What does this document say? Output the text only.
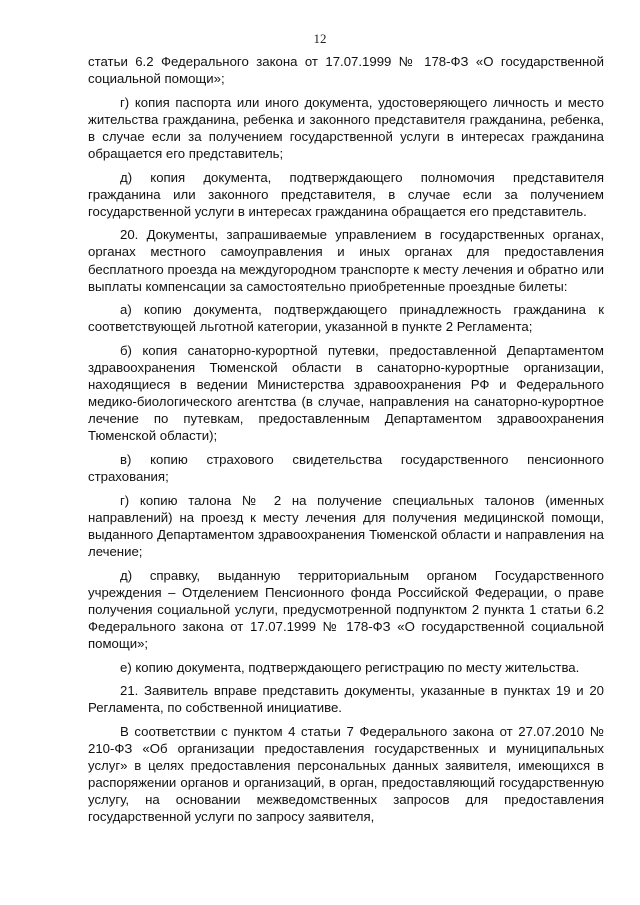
12

статьи 6.2 Федерального закона от 17.07.1999 № 178-ФЗ «О государственной социальной помощи»;

г) копия паспорта или иного документа, удостоверяющего личность и место жительства гражданина, ребенка и законного представителя гражданина, ребенка, в случае если за получением государственной услуги в интересах гражданина обращается его представитель;

д) копия документа, подтверждающего полномочия представителя гражданина или законного представителя, в случае если за получением государственной услуги в интересах гражданина обращается его представитель.

20. Документы, запрашиваемые управлением в государственных органах, органах местного самоуправления и иных органах для предоставления бесплатного проезда на междугородном транспорте к месту лечения и обратно или выплаты компенсации за самостоятельно приобретенные проездные билеты:

а) копию документа, подтверждающего принадлежность гражданина к соответствующей льготной категории, указанной в пункте 2 Регламента;

б) копия санаторно-курортной путевки, предоставленной Департаментом здравоохранения Тюменской области в санаторно-курортные организации, находящиеся в ведении Министерства здравоохранения РФ и Федерального медико-биологического агентства (в случае, направления на санаторно-курортное лечение по путевкам, предоставленным Департаментом здравоохранения Тюменской области);

в) копию страхового свидетельства государственного пенсионного страхования;

г) копию талона № 2 на получение специальных талонов (именных направлений) на проезд к месту лечения для получения медицинской помощи, выданного Департаментом здравоохранения Тюменской области и направления на лечение;

д) справку, выданную территориальным органом Государственного учреждения – Отделением Пенсионного фонда Российской Федерации, о праве получения социальной услуги, предусмотренной подпунктом 2 пункта 1 статьи 6.2 Федерального закона от 17.07.1999 № 178-ФЗ «О государственной социальной помощи»;

е) копию документа, подтверждающего регистрацию по месту жительства.

21. Заявитель вправе представить документы, указанные в пунктах 19 и 20 Регламента, по собственной инициативе.

В соответствии с пунктом 4 статьи 7 Федерального закона от 27.07.2010 № 210-ФЗ «Об организации предоставления государственных и муниципальных услуг» в целях предоставления персональных данных заявителя, имеющихся в распоряжении органов и организаций, в орган, предоставляющий государственную услугу, на основании межведомственных запросов для предоставления государственной услуги по запросу заявителя,
